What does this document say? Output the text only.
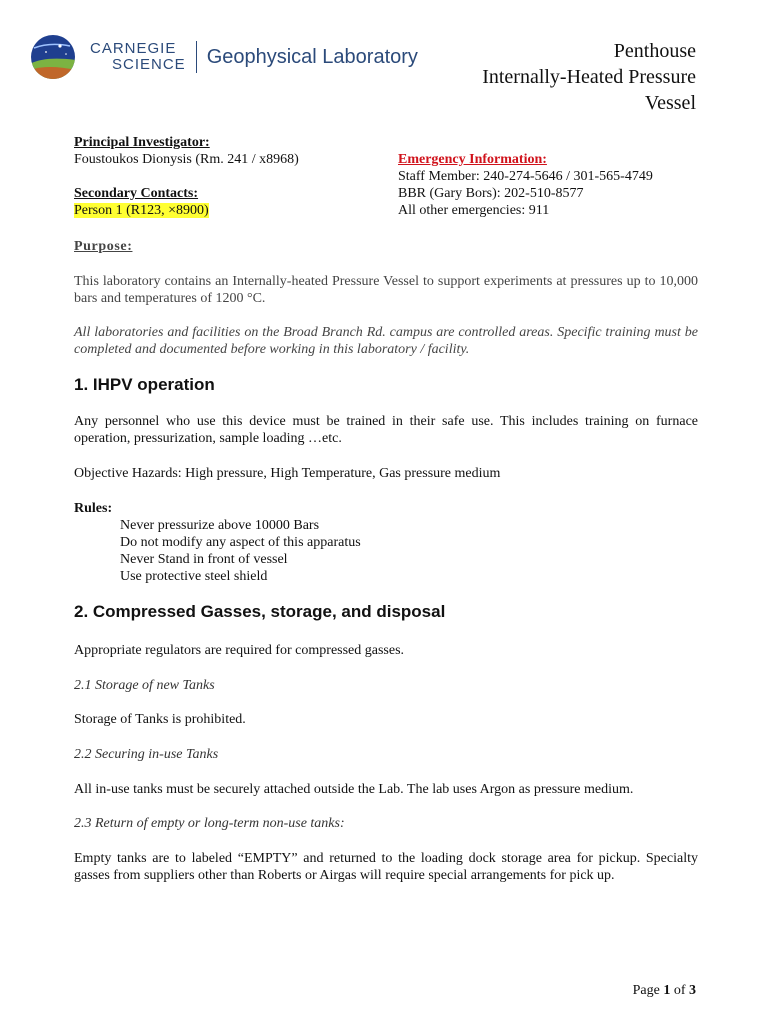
CARNEGIE
SCIENCE Geophysical Laboratory	Penthouse
Internally-Heated Pressure
Vessel
Principal Investigator:
Foustoukos Dionysis (Rm. 241 / x8968)
Secondary Contacts:
Person 1 (R123, ×8900)
Emergency Information:
Staff Member: 240-274-5646 / 301-565-4749
BBR (Gary Bors): 202-510-8577
All other emergencies: 911
Purpose:
This laboratory contains an Internally-heated Pressure Vessel to support experiments at pressures up to 10,000 bars and temperatures of 1200 °C.
All laboratories and facilities on the Broad Branch Rd. campus are controlled areas. Specific training must be completed and documented before working in this laboratory / facility.
1. IHPV operation
Any personnel who use this device must be trained in their safe use. This includes training on furnace operation, pressurization, sample loading …etc.
Objective Hazards: High pressure, High Temperature, Gas pressure medium
Rules:
Never pressurize above 10000 Bars
Do not modify any aspect of this apparatus
Never Stand in front of vessel
Use protective steel shield
2. Compressed Gasses, storage, and disposal
Appropriate regulators are required for compressed gasses.
2.1 Storage of new Tanks
Storage of Tanks is prohibited.
2.2 Securing in-use Tanks
All in-use tanks must be securely attached outside the Lab. The lab uses Argon as pressure medium.
2.3 Return of empty or long-term non-use tanks:
Empty tanks are to labeled “EMPTY” and returned to the loading dock storage area for pickup. Specialty gasses from suppliers other than Roberts or Airgas will require special arrangements for pick up.
Page 1 of 3
